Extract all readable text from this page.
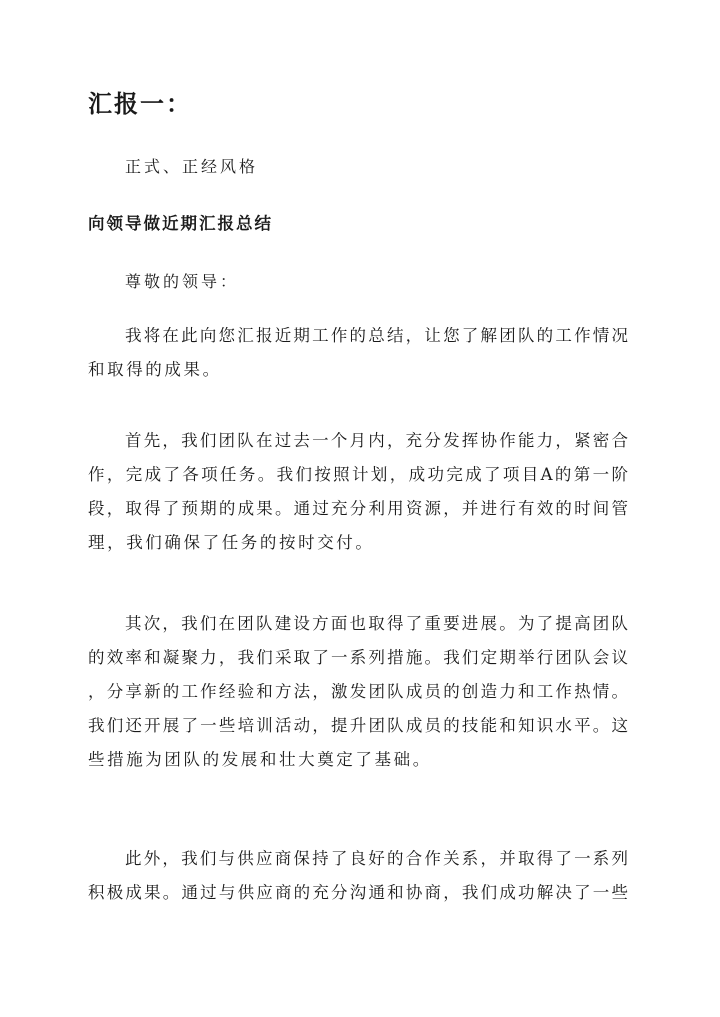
汇报一：
正式、正经风格
向领导做近期汇报总结
尊敬的领导：
我将在此向您汇报近期工作的总结，让您了解团队的工作情况
和取得的成果。
首先，我们团队在过去一个月内，充分发挥协作能力，紧密合
作，完成了各项任务。我们按照计划，成功完成了项目A的第一阶
段，取得了预期的成果。通过充分利用资源，并进行有效的时间管
理，我们确保了任务的按时交付。
其次，我们在团队建设方面也取得了重要进展。为了提高团队
的效率和凝聚力，我们采取了一系列措施。我们定期举行团队会议
，分享新的工作经验和方法，激发团队成员的创造力和工作热情。
我们还开展了一些培训活动，提升团队成员的技能和知识水平。这
些措施为团队的发展和壮大奠定了基础。
此外，我们与供应商保持了良好的合作关系，并取得了一系列
积极成果。通过与供应商的充分沟通和协商，我们成功解决了一些
